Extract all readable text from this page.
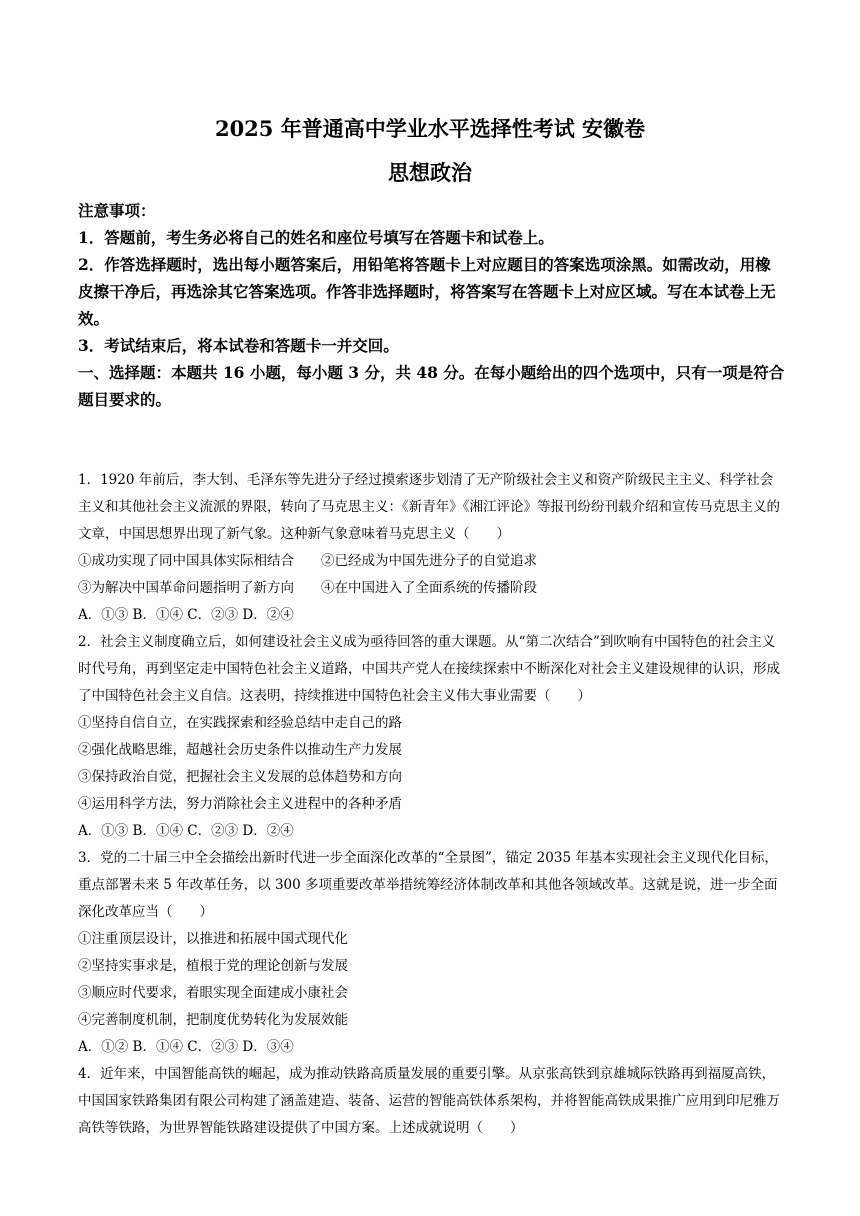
2025 年普通高中学业水平选择性考试 安徽卷
思想政治

注意事项：

1．答题前，考生务必将自己的姓名和座位号填写在答题卡和试卷上。

2．作答选择题时，选出每小题答案后，用铅笔将答题卡上对应题目的答案选项涂黑。如需改动，用橡皮擦干净后，再选涂其它答案选项。作答非选择题时，将答案写在答题卡上对应区域。写在本试卷上无效。

3．考试结束后，将本试卷和答题卡一并交回。

一、选择题：本题共 16 小题，每小题 3 分，共 48 分。在每小题给出的四个选项中，只有一项是符合题目要求的。

1．1920 年前后，李大钊、毛泽东等先进分子经过摸索逐步划清了无产阶级社会主义和资产阶级民主主义、科学社会主义和其他社会主义流派的界限，转向了马克思主义：《新青年》《湘江评论》等报刊纷纷刊载介绍和宣传马克思主义的文章，中国思想界出现了新气象。这种新气象意味着马克思主义（　　）

①成功实现了同中国具体实际相结合　　②已经成为中国先进分子的自觉追求

③为解决中国革命问题指明了新方向　　④在中国进入了全面系统的传播阶段

A．①③ B．①④ C．②③ D．②④

2．社会主义制度确立后，如何建设社会主义成为亟待回答的重大课题。从“第二次结合”到吹响有中国特色的社会主义时代号角，再到坚定走中国特色社会主义道路，中国共产党人在接续探索中不断深化对社会主义建设规律的认识，形成了中国特色社会主义自信。这表明，持续推进中国特色社会主义伟大事业需要（　　）

①坚持自信自立，在实践探索和经验总结中走自己的路

②强化战略思维，超越社会历史条件以推动生产力发展

③保持政治自觉，把握社会主义发展的总体趋势和方向

④运用科学方法，努力消除社会主义进程中的各种矛盾

A．①③ B．①④ C．②③ D．②④

3．党的二十届三中全会描绘出新时代进一步全面深化改革的“全景图”，锚定 2035 年基本实现社会主义现代化目标，重点部署未来 5 年改革任务，以 300 多项重要改革举措统筹经济体制改革和其他各领域改革。这就是说，进一步全面深化改革应当（　　）

①注重顶层设计，以推进和拓展中国式现代化

②坚持实事求是，植根于党的理论创新与发展

③顺应时代要求，着眼实现全面建成小康社会

④完善制度机制，把制度优势转化为发展效能

A．①② B．①④ C．②③ D．③④

4．近年来，中国智能高铁的崛起，成为推动铁路高质量发展的重要引擎。从京张高铁到京雄城际铁路再到福厦高铁，中国国家铁路集团有限公司构建了涵盖建造、装备、运营的智能高铁体系架构，并将智能高铁成果推广应用到印尼雅万高铁等铁路，为世界智能铁路建设提供了中国方案。上述成就说明（　　）
